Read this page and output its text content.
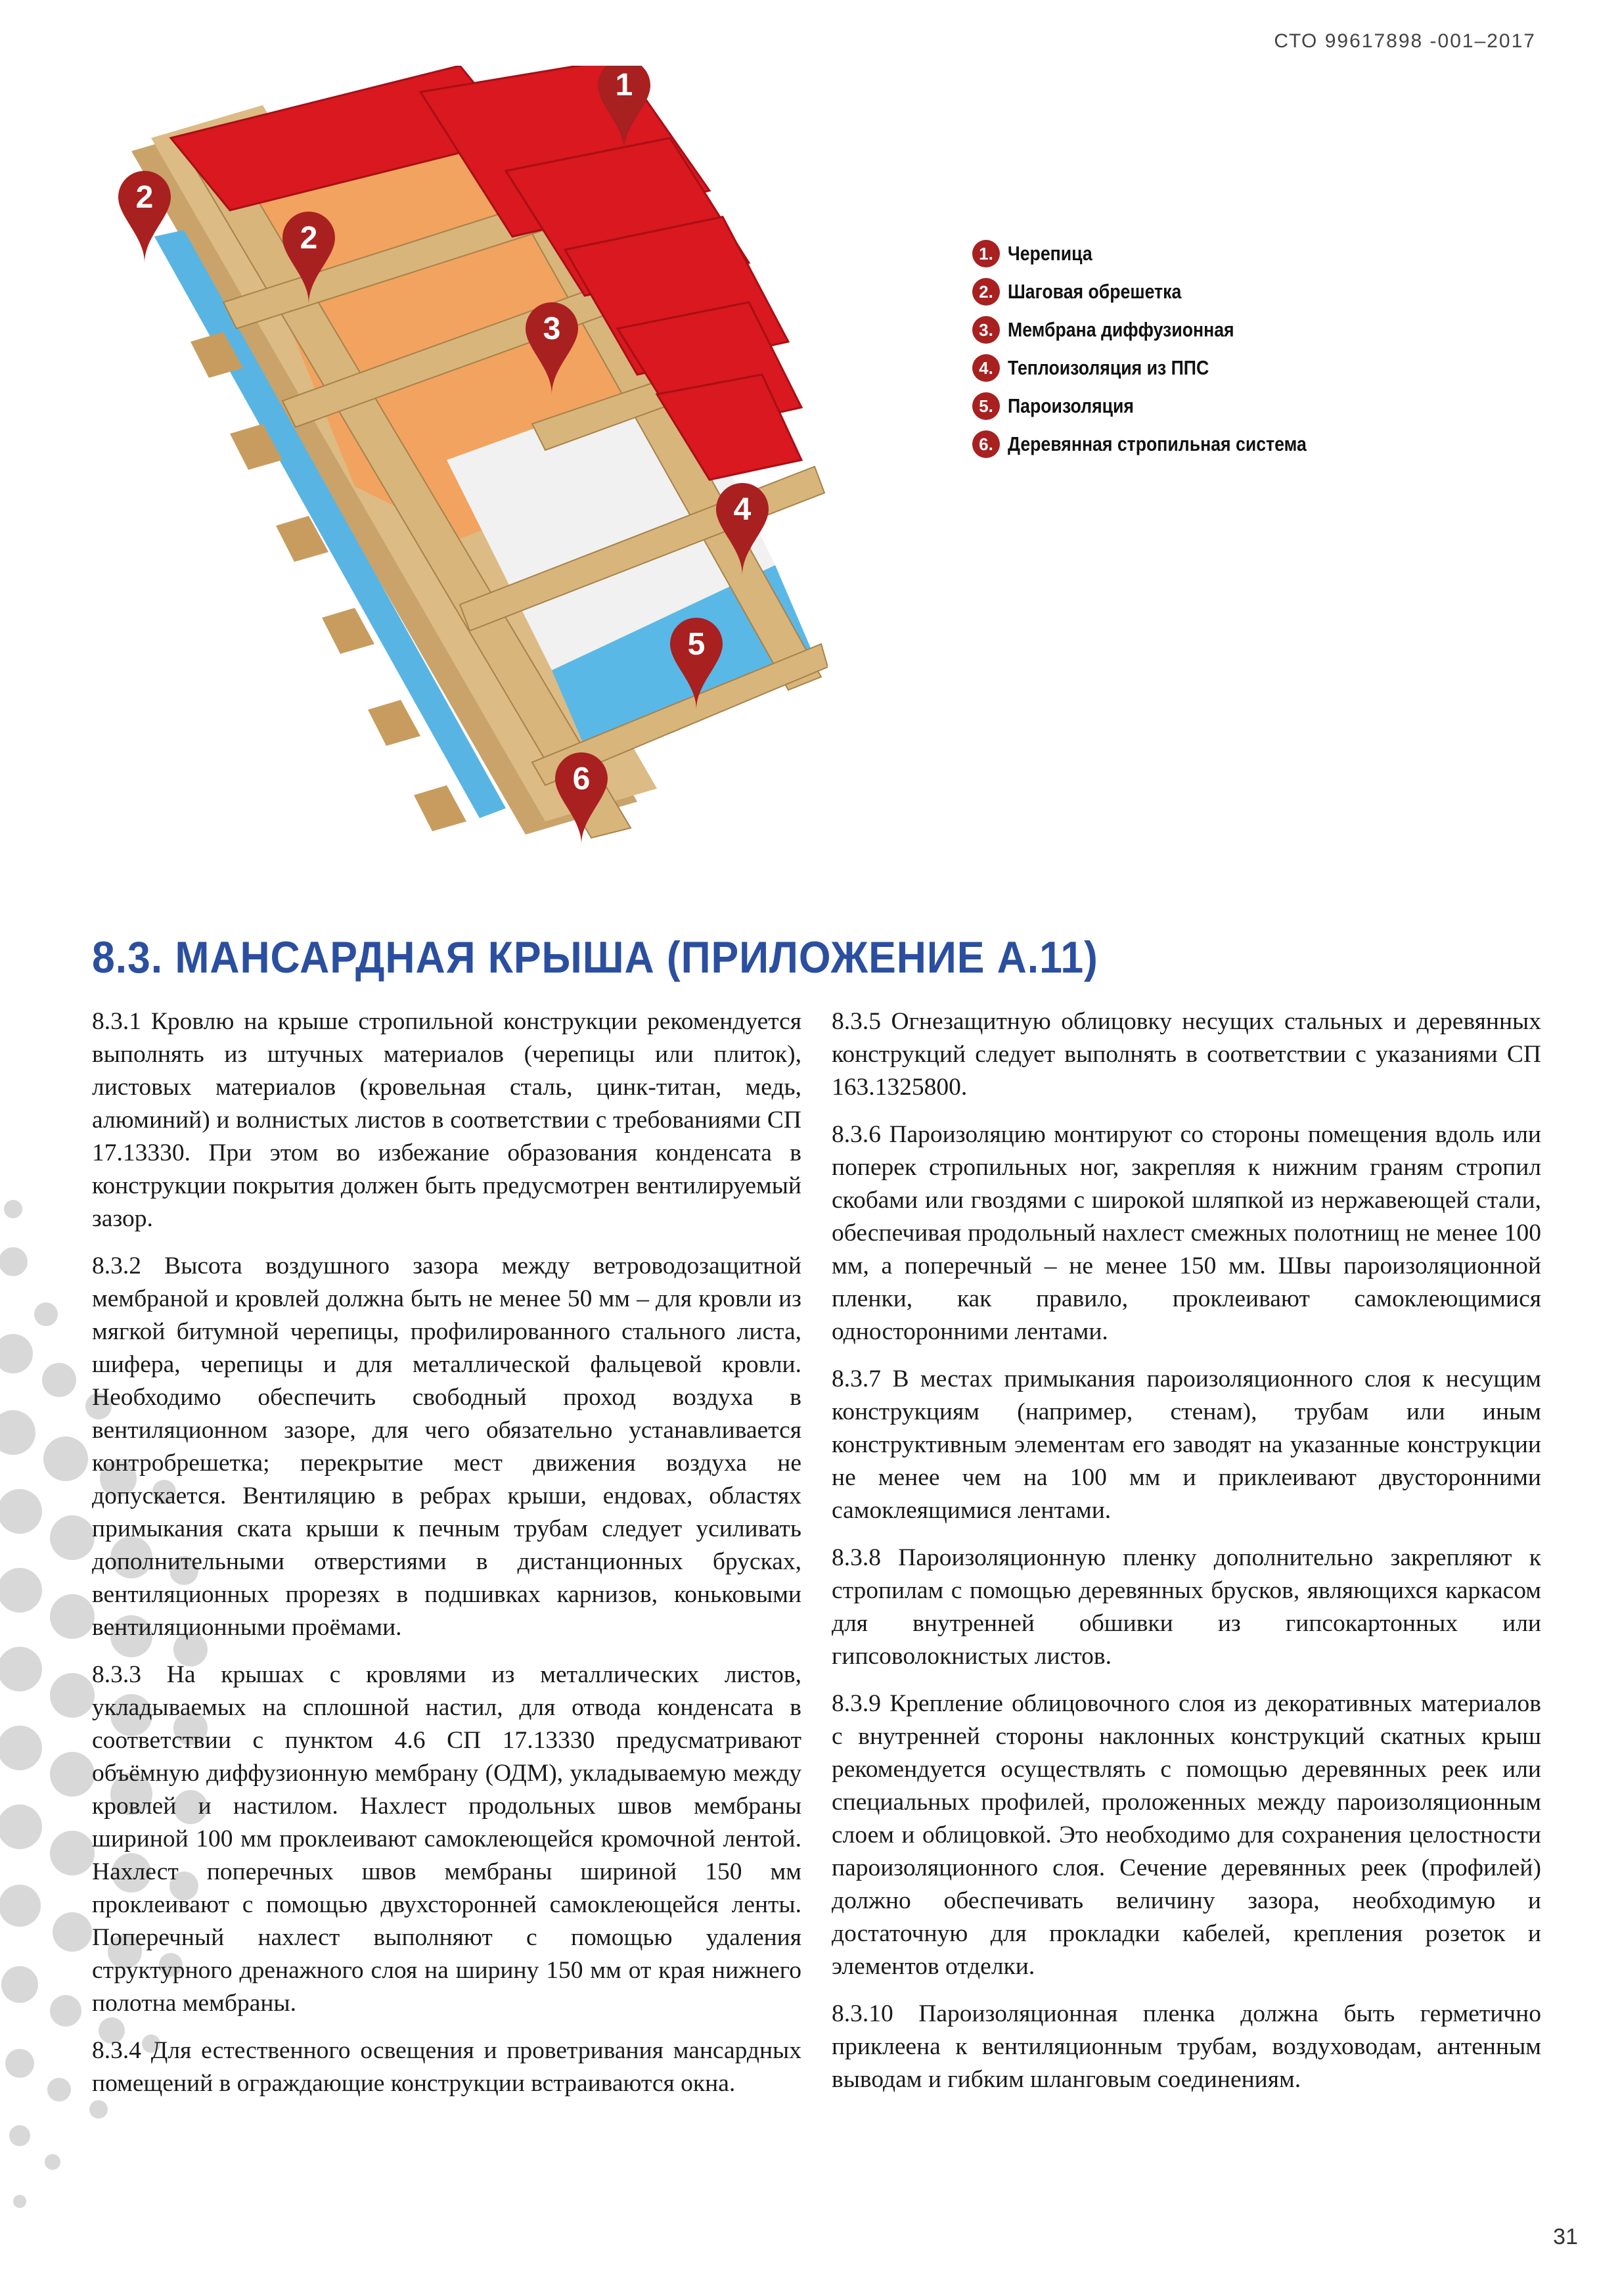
СТО 99617898 -001–2017
1
2
2
3
4
5
6
1. Черепица
2. Шаговая обрешетка
3. Мембрана диффузионная
4. Теплоизоляция из ППС
5. Пароизоляция
6. Деревянная стропильная система
8.3. МАНСАРДНАЯ КРЫША (ПРИЛОЖЕНИЕ А.11)

8.3.1 Кровлю на крыше стропильной конструкции рекомендуется выполнять из штучных материалов (черепицы или плиток), листовых материалов (кровельная сталь, цинк-титан, медь, алюминий) и волнистых листов в соответствии с требованиями СП 17.13330. При этом во избежание образования конденсата в конструкции покрытия должен быть предусмотрен вентилируемый зазор.

8.3.2 Высота воздушного зазора между ветроводозащитной мембраной и кровлей должна быть не менее 50 мм – для кровли из мягкой битумной черепицы, профилированного стального листа, шифера, черепицы и для металлической фальцевой кровли. Необходимо обеспечить свободный проход воздуха в вентиляционном зазоре, для чего обязательно устанавливается контробрешетка; перекрытие мест движения воздуха не допускается. Вентиляцию в ребрах крыши, ендовах, областях примыкания ската крыши к печным трубам следует усиливать дополнительными отверстиями в дистанционных брусках, вентиляционных прорезях в подшивках карнизов, коньковыми вентиляционными проёмами.

8.3.3 На крышах с кровлями из металлических листов, укладываемых на сплошной настил, для отвода конденсата в соответствии с пунктом 4.6 СП 17.13330 предусматривают объёмную диффузионную мембрану (ОДМ), укладываемую между кровлей и настилом. Нахлест продольных швов мембраны шириной 100 мм проклеивают самоклеющейся кромочной лентой. Нахлест поперечных швов мембраны шириной 150 мм проклеивают с помощью двухсторонней самоклеющейся ленты. Поперечный нахлест выполняют с помощью удаления структурного дренажного слоя на ширину 150 мм от края нижнего полотна мембраны.

8.3.4 Для естественного освещения и проветривания мансардных помещений в ограждающие конструкции встраиваются окна.

8.3.5 Огнезащитную облицовку несущих стальных и деревянных конструкций следует выполнять в соответствии с указаниями СП 163.1325800.

8.3.6 Пароизоляцию монтируют со стороны помещения вдоль или поперек стропильных ног, закрепляя к нижним граням стропил скобами или гвоздями с широкой шляпкой из нержавеющей стали, обеспечивая продольный нахлест смежных полотнищ не менее 100 мм, а поперечный – не менее 150 мм. Швы пароизоляционной пленки, как правило, проклеивают самоклеющимися односторонними лентами.

8.3.7 В местах примыкания пароизоляционного слоя к несущим конструкциям (например, стенам), трубам или иным конструктивным элементам его заводят на указанные конструкции не менее чем на 100 мм и приклеивают двусторонними самоклеящимися лентами.

8.3.8 Пароизоляционную пленку дополнительно закрепляют к стропилам с помощью деревянных брусков, являющихся каркасом для внутренней обшивки из гипсокартонных или гипсоволокнистых листов.

8.3.9 Крепление облицовочного слоя из декоративных материалов с внутренней стороны наклонных конструкций скатных крыш рекомендуется осуществлять с помощью деревянных реек или специальных профилей, проложенных между пароизоляционным слоем и облицовкой. Это необходимо для сохранения целостности пароизоляционного слоя. Сечение деревянных реек (профилей) должно обеспечивать величину зазора, необходимую и достаточную для прокладки кабелей, крепления розеток и элементов отделки.

8.3.10 Пароизоляционная пленка должна быть герметично приклеена к вентиляционным трубам, воздуховодам, антенным выводам и гибким шланговым соединениям.

31
